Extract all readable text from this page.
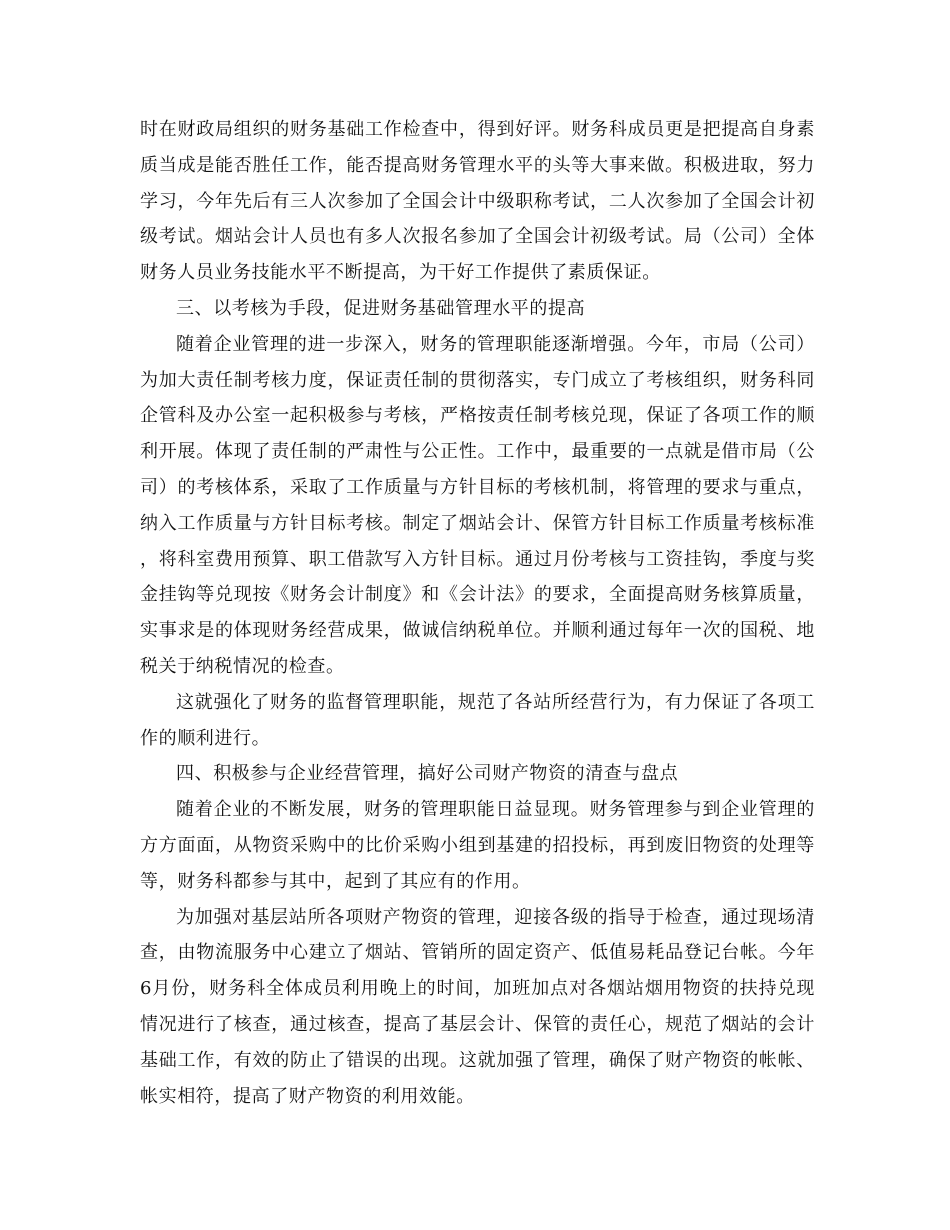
时在财政局组织的财务基础工作检查中，得到好评。财务科成员更是把提高自身素质当成是能否胜任工作，能否提高财务管理水平的头等大事来做。积极进取，努力学习，今年先后有三人次参加了全国会计中级职称考试，二人次参加了全国会计初级考试。烟站会计人员也有多人次报名参加了全国会计初级考试。局（公司）全体财务人员业务技能水平不断提高，为干好工作提供了素质保证。

三、以考核为手段，促进财务基础管理水平的提高

随着企业管理的进一步深入，财务的管理职能逐渐增强。今年，市局（公司）为加大责任制考核力度，保证责任制的贯彻落实，专门成立了考核组织，财务科同企管科及办公室一起积极参与考核，严格按责任制考核兑现，保证了各项工作的顺利开展。体现了责任制的严肃性与公正性。工作中，最重要的一点就是借市局（公司）的考核体系，采取了工作质量与方针目标的考核机制，将管理的要求与重点，纳入工作质量与方针目标考核。制定了烟站会计、保管方针目标工作质量考核标准，将科室费用预算、职工借款写入方针目标。通过月份考核与工资挂钩，季度与奖金挂钩等兑现按《财务会计制度》和《会计法》的要求，全面提高财务核算质量，实事求是的体现财务经营成果，做诚信纳税单位。并顺利通过每年一次的国税、地税关于纳税情况的检查。

这就强化了财务的监督管理职能，规范了各站所经营行为，有力保证了各项工作的顺利进行。

四、积极参与企业经营管理，搞好公司财产物资的清查与盘点

随着企业的不断发展，财务的管理职能日益显现。财务管理参与到企业管理的方方面面，从物资采购中的比价采购小组到基建的招投标，再到废旧物资的处理等等，财务科都参与其中，起到了其应有的作用。

为加强对基层站所各项财产物资的管理，迎接各级的指导于检查，通过现场清查，由物流服务中心建立了烟站、管销所的固定资产、低值易耗品登记台帐。今年6月份，财务科全体成员利用晚上的时间，加班加点对各烟站烟用物资的扶持兑现情况进行了核查，通过核查，提高了基层会计、保管的责任心，规范了烟站的会计基础工作，有效的防止了错误的出现。这就加强了管理，确保了财产物资的帐帐、帐实相符，提高了财产物资的利用效能。
